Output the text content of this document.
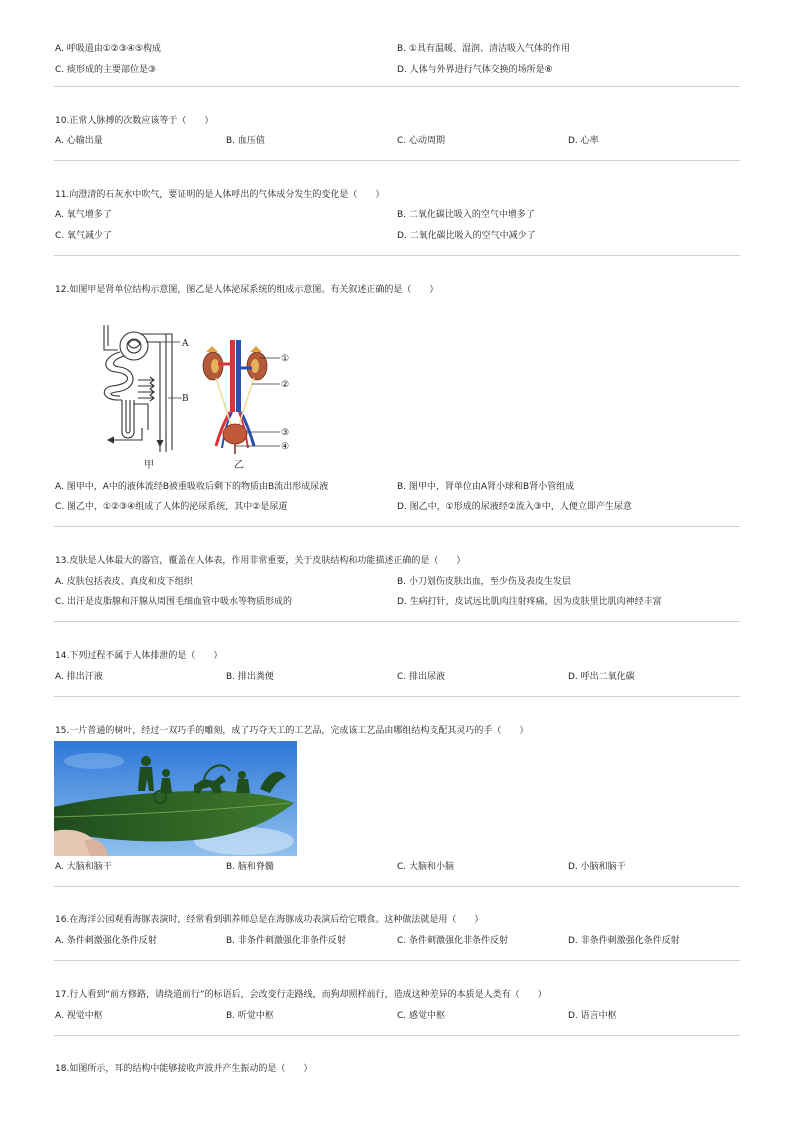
A. 呼吸道由①②③④⑤构成	B. ①具有温暖、湿润、清洁吸入气体的作用
C. 痰形成的主要部位是③	D. 人体与外界进行气体交换的场所是⑥
10.正常人脉搏的次数应该等于（　　）
A. 心输出量	B. 血压值	C. 心动周期	D. 心率
11.向澄清的石灰水中吹气，要证明的是人体呼出的气体成分发生的变化是（　　）
A. 氧气增多了	B. 二氧化碳比吸入的空气中增多了
C. 氧气减少了	D. 二氧化碳比吸入的空气中减少了
12.如图甲是肾单位结构示意图，图乙是人体泌尿系统的组成示意图。有关叙述正确的是（　　）
A
B
甲
①
②
③
④
乙
A. 图甲中，A中的液体流经B被重吸收后剩下的物质由B流出形成尿液	B. 图甲中，肾单位由A肾小球和B肾小管组成
C. 图乙中，①②③④组成了人体的泌尿系统，其中②是尿道	D. 图乙中，①形成的尿液经②流入③中，人便立即产生尿意
13.皮肤是人体最大的器官，覆盖在人体表，作用非常重要，关于皮肤结构和功能描述正确的是（　　）
A. 皮肤包括表皮、真皮和皮下组织	B. 小刀划伤皮肤出血，至少伤及表皮生发层
C. 出汗是皮脂腺和汗腺从周围毛细血管中吸水等物质形成的	D. 生病打针，皮试远比肌肉注射疼痛，因为皮肤里比肌肉神经丰富
14.下列过程不属于人体排泄的是（　　）
A. 排出汗液	B. 排出粪便	C. 排出尿液	D. 呼出二氧化碳
15.一片普通的树叶，经过一双巧手的雕刻，成了巧夺天工的工艺品，完成该工艺品由哪组结构支配其灵巧的手（　　）
A. 大脑和脑干	B. 脑和脊髓	C. 大脑和小脑	D. 小脑和脑干
16.在海洋公园观看海豚表演时，经常看到驯养师总是在海豚成功表演后给它喂食。这种做法就是用（　　）
A. 条件刺激强化条件反射	B. 非条件刺激强化非条件反射	C. 条件刺激强化非条件反射	D. 非条件刺激强化条件反射
17.行人看到“前方修路，请绕道前行”的标语后，会改变行走路线，而狗却照样前行，造成这种差异的本质是人类有（　　）
A. 视觉中枢	B. 听觉中枢	C. 感觉中枢	D. 语言中枢
18.如图所示，耳的结构中能够接收声波并产生振动的是（　　）
